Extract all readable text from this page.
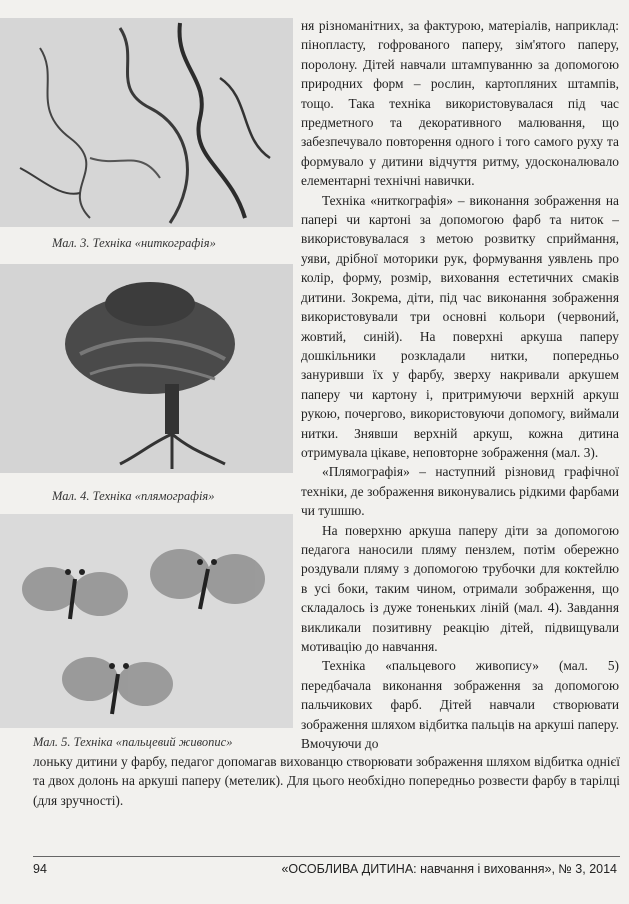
Мал. 3. Техніка «ниткографія»
Мал. 4. Техніка «плямографія»
Мал. 5. Техніка «пальцевий живопис»

ня різноманітних, за фактурою, матеріалів, наприклад: пінопласту, гофрованого паперу, зім'ятого паперу, поролону. Дітей навчали штампуванню за допомогою природних форм – рослин, картопляних штампів, тощо. Така техніка використовувалася під час предметного та декоративного малювання, що забезпечувало повторення одного і того самого руху та формувало у дитини відчуття ритму, удосконалювало елементарні технічні навички.

Техніка «ниткографія» – виконання зображення на папері чи картоні за допомогою фарб та ниток – використовувалася з метою розвитку сприймання, уяви, дрібної моторики рук, формування уявлень про колір, форму, розмір, виховання естетичних смаків дитини. Зокрема, діти, під час виконання зображення використовували три основні кольори (червоний, жовтий, синій). На поверхні аркуша паперу дошкільники розкладали нитки, попередньо зануривши їх у фарбу, зверху накривали аркушем паперу чи картону і, притримуючи верхній аркуш рукою, почергово, використовуючи допомогу, виймали нитки. Знявши верхній аркуш, кожна дитина отримувала цікаве, неповторне зображення (мал. 3).

«Плямографія» – наступний різновид графічної техніки, де зображення виконувались рідкими фарбами чи тушшю.

На поверхню аркуша паперу діти за допомогою педагога наносили пляму пензлем, потім обережно роздували пляму з допомогою трубочки для коктейлю в усі боки, таким чином, отримали зображення, що складалось із дуже тоненьких ліній (мал. 4). Завдання викликали позитивну реакцію дітей, підвищували мотивацію до навчання.

Техніка «пальцевого живопису» (мал. 5) передбачала виконання зображення за допомогою пальчикових фарб. Дітей навчали створювати зображення шляхом відбитка пальців на аркуші паперу. Вмочуючи до

лоньку дитини у фарбу, педагог допомагав вихованцю створювати зображення шляхом відбитка однієї та двох долонь на аркуші паперу (метелик). Для цього необхідно попередньо розвести фарбу в тарілці (для зручності).

94	«ОСОБЛИВА ДИТИНА: навчання і виховання», № 3, 2014
